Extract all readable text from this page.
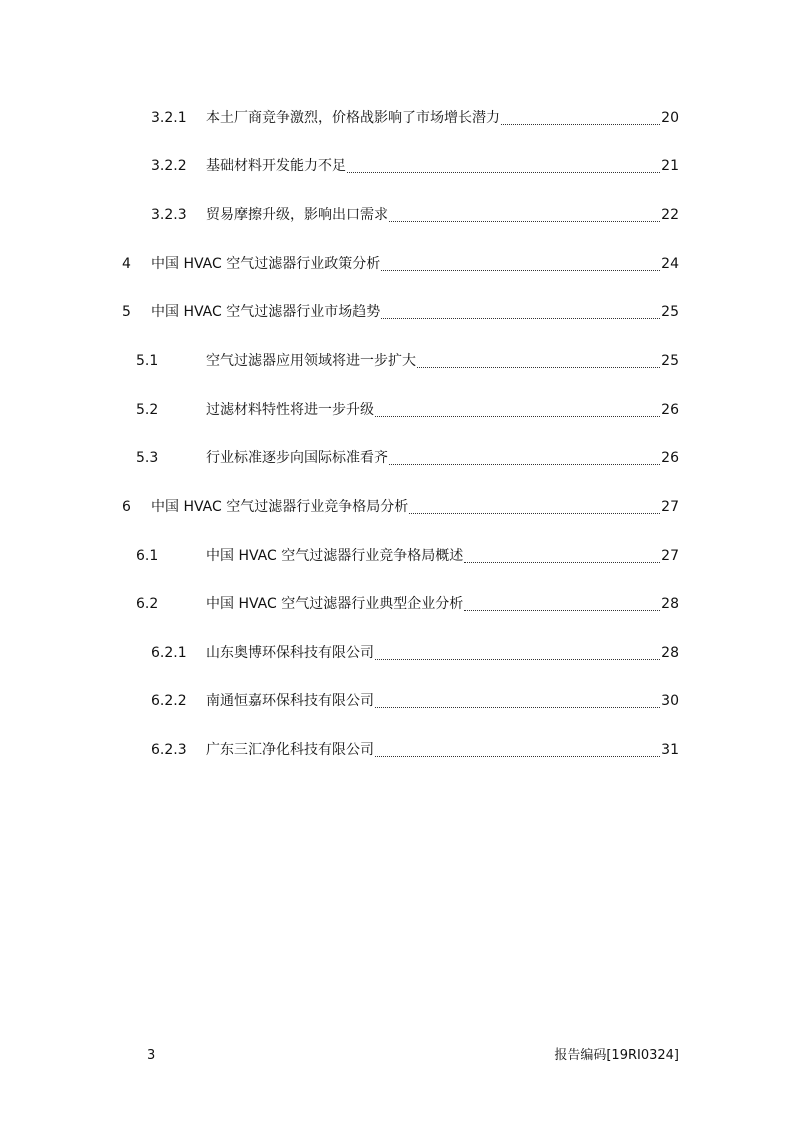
3.2.1 本土厂商竞争激烈，价格战影响了市场增长潜力	20
3.2.2 基础材料开发能力不足	21
3.2.3 贸易摩擦升级，影响出口需求	22
4 中国 HVAC 空气过滤器行业政策分析	24
5 中国 HVAC 空气过滤器行业市场趋势	25
5.1	空气过滤器应用领域将进一步扩大	25
5.2	过滤材料特性将进一步升级	26
5.3	行业标准逐步向国际标准看齐	26
6 中国 HVAC 空气过滤器行业竞争格局分析	27
6.1	中国 HVAC 空气过滤器行业竞争格局概述	27
6.2	中国 HVAC 空气过滤器行业典型企业分析	28
6.2.1 山东奥博环保科技有限公司	28
6.2.2 南通恒嘉环保科技有限公司	30
6.2.3 广东三汇净化科技有限公司	31
3	报告编码[19RI0324]
